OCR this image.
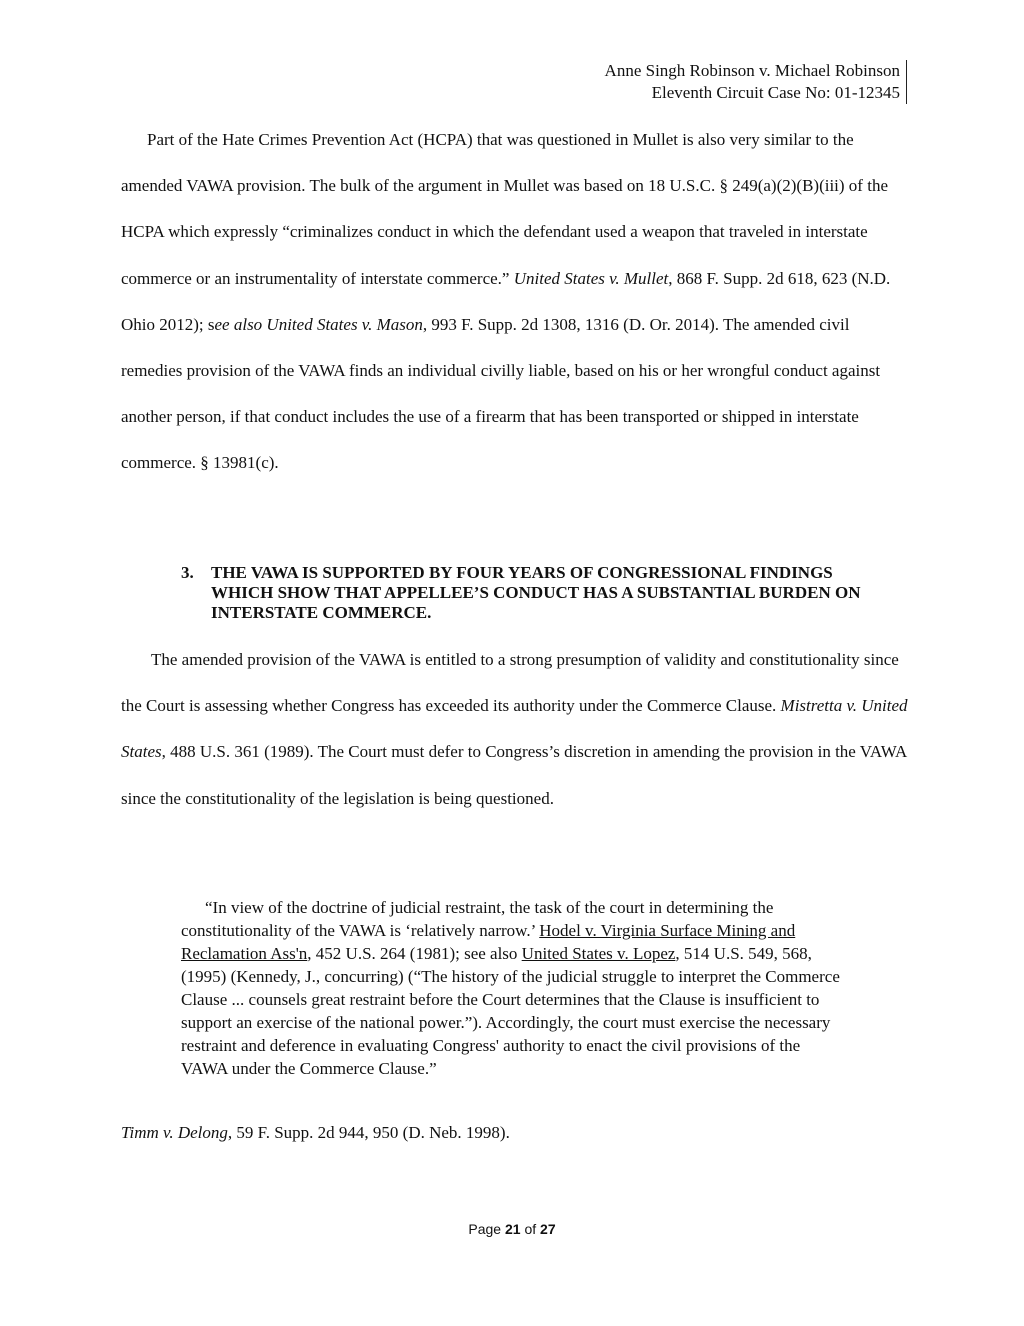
Anne Singh Robinson v. Michael Robinson
Eleventh Circuit Case No: 01-12345

Part of the Hate Crimes Prevention Act (HCPA) that was questioned in Mullet is also very similar to the amended VAWA provision. The bulk of the argument in Mullet was based on 18 U.S.C. § 249(a)(2)(B)(iii) of the HCPA which expressly “criminalizes conduct in which the defendant used a weapon that traveled in interstate commerce or an instrumentality of interstate commerce.” United States v. Mullet, 868 F. Supp. 2d 618, 623 (N.D. Ohio 2012); see also United States v. Mason, 993 F. Supp. 2d 1308, 1316 (D. Or. 2014). The amended civil remedies provision of the VAWA finds an individual civilly liable, based on his or her wrongful conduct against another person, if that conduct includes the use of a firearm that has been transported or shipped in interstate commerce. § 13981(c).

3.	THE VAWA IS SUPPORTED BY FOUR YEARS OF CONGRESSIONAL FINDINGS WHICH SHOW THAT APPELLEE’S CONDUCT HAS A SUBSTANTIAL BURDEN ON INTERSTATE COMMERCE.

The amended provision of the VAWA is entitled to a strong presumption of validity and constitutionality since the Court is assessing whether Congress has exceeded its authority under the Commerce Clause. Mistretta v. United States, 488 U.S. 361 (1989). The Court must defer to Congress’s discretion in amending the provision in the VAWA since the constitutionality of the legislation is being questioned.

“In view of the doctrine of judicial restraint, the task of the court in determining the constitutionality of the VAWA is ‘relatively narrow.’ Hodel v. Virginia Surface Mining and Reclamation Ass'n, 452 U.S. 264 (1981); see also United States v. Lopez, 514 U.S. 549, 568, (1995) (Kennedy, J., concurring) (“The history of the judicial struggle to interpret the Commerce Clause ... counsels great restraint before the Court determines that the Clause is insufficient to support an exercise of the national power.”). Accordingly, the court must exercise the necessary restraint and deference in evaluating Congress' authority to enact the civil provisions of the VAWA under the Commerce Clause.”
Timm v. Delong, 59 F. Supp. 2d 944, 950 (D. Neb. 1998).
Page 21 of 27
